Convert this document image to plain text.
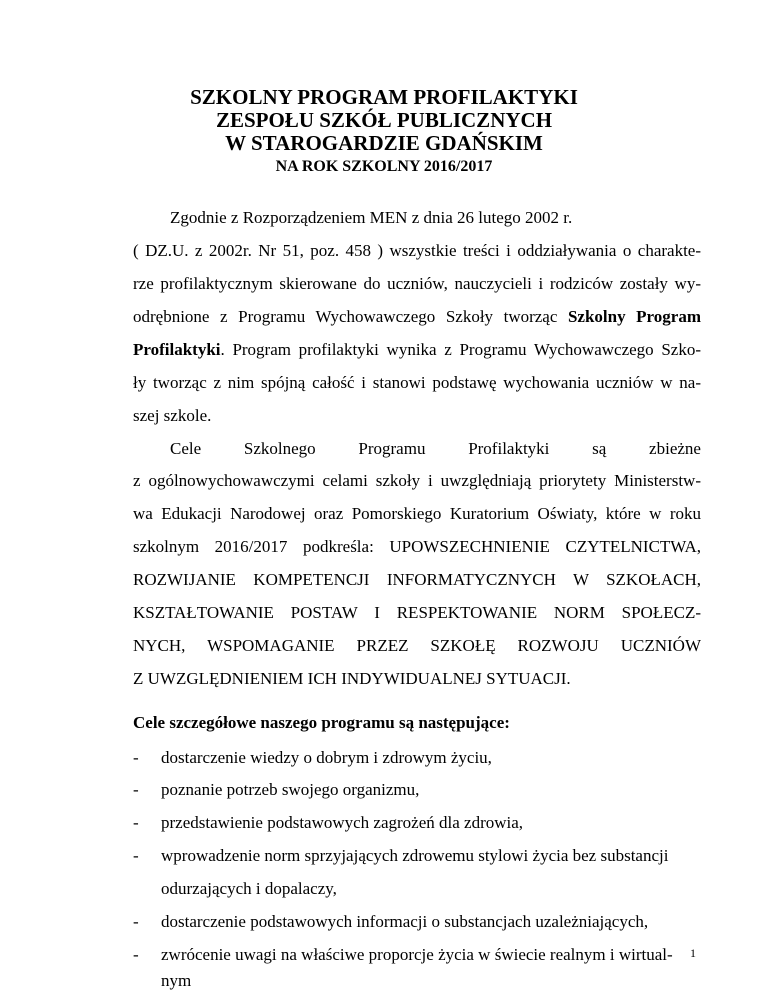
SZKOLNY PROGRAM PROFILAKTYKI
ZESPOŁU SZKÓŁ PUBLICZNYCH
W STAROGARDZIE GDAŃSKIM
NA ROK SZKOLNY 2016/2017
Zgodnie z Rozporządzeniem MEN z dnia 26 lutego 2002 r.
( DZ.U. z 2002r. Nr 51, poz. 458 ) wszystkie treści i oddziaływania o charakte-
rze profilaktycznym skierowane do uczniów, nauczycieli i rodziców zostały wy-
odrębnione z Programu Wychowawczego Szkoły tworząc Szkolny Program
Profilaktyki. Program profilaktyki wynika z Programu Wychowawczego Szko-
ły tworząc z nim spójną całość i stanowi podstawę wychowania uczniów w na-
szej szkole.
Cele	Szkolnego	Programu	Profilaktyki	są	zbieżne
z ogólnowychowawczymi celami szkoły i uwzględniają priorytety Ministerstw-
wa Edukacji Narodowej oraz Pomorskiego Kuratorium Oświaty, które w roku
szkolnym 2016/2017 podkreśla: UPOWSZECHNIENIE CZYTELNICTWA,
ROZWIJANIE KOMPETENCJI INFORMATYCZNYCH W SZKOŁACH,
KSZTAŁTOWANIE POSTAW I RESPEKTOWANIE NORM SPOŁECZ-
NYCH, WSPOMAGANIE PRZEZ SZKOŁĘ ROZWOJU UCZNIÓW
Z UWZGLĘDNIENIEM ICH INDYWIDUALNEJ SYTUACJI.
Cele szczegółowe naszego programu są następujące:
- dostarczenie wiedzy o dobrym i zdrowym życiu,
- poznanie potrzeb swojego organizmu,
- przedstawienie podstawowych zagrożeń dla zdrowia,
- wprowadzenie norm sprzyjających zdrowemu stylowi życia bez substancji
odurzających i dopalaczy,
- dostarczenie podstawowych informacji o substancjach uzależniających,
- zwrócenie uwagi na właściwe proporcje życia w świecie realnym i wirtual-
nym
1
